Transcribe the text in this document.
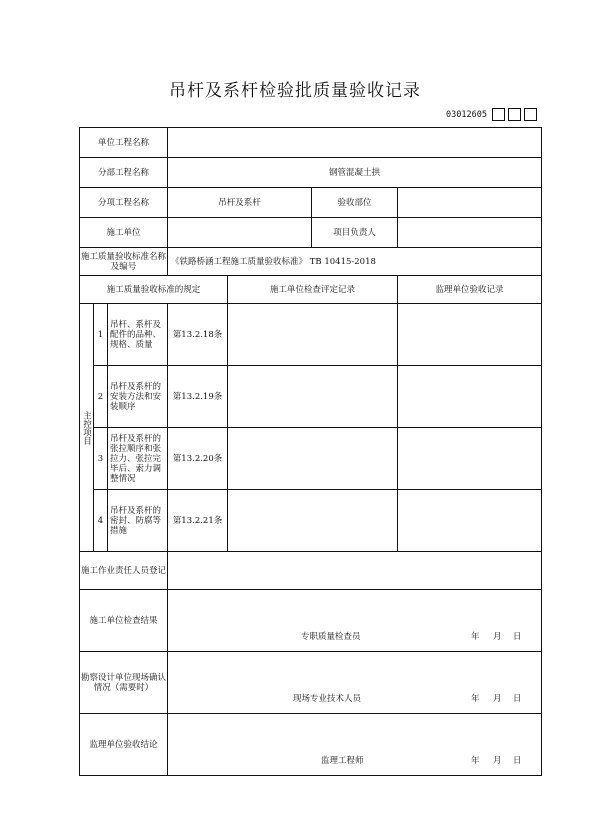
吊杆及系杆检验批质量验收记录
03012605
单位工程名称						
分部工程名称			钢管混凝土拱			
分项工程名称			吊杆及系杆		验收部位	
施工单位					项目负责人	
施工质量验收标准名称及编号			《铁路桥涵工程施工质量验收标准》 TB 10415-2018			
施工质量验收标准的规定				施工单位检查评定记录		监理单位验收记录
主控项目	1	吊杆、系杆及配件的品种、规格、质量	第13.2.18条			
	2	吊杆及系杆的安装方法和安装顺序	第13.2.19条			
	3	吊杆及系杆的张拉顺序和张拉力、张拉完毕后、索力调整情况	第13.2.20条			
	4	吊杆及系杆的密封、防腐等措施	第13.2.21条			
施工作业责任人员登记						
施工单位检查结果			专职质量检查员 年 月 日			

勘察设计单位现场确认情况（需要时）			现场专业技术人员 年 月 日			

监理单位验收结论			监理工程师 年 月 日			
